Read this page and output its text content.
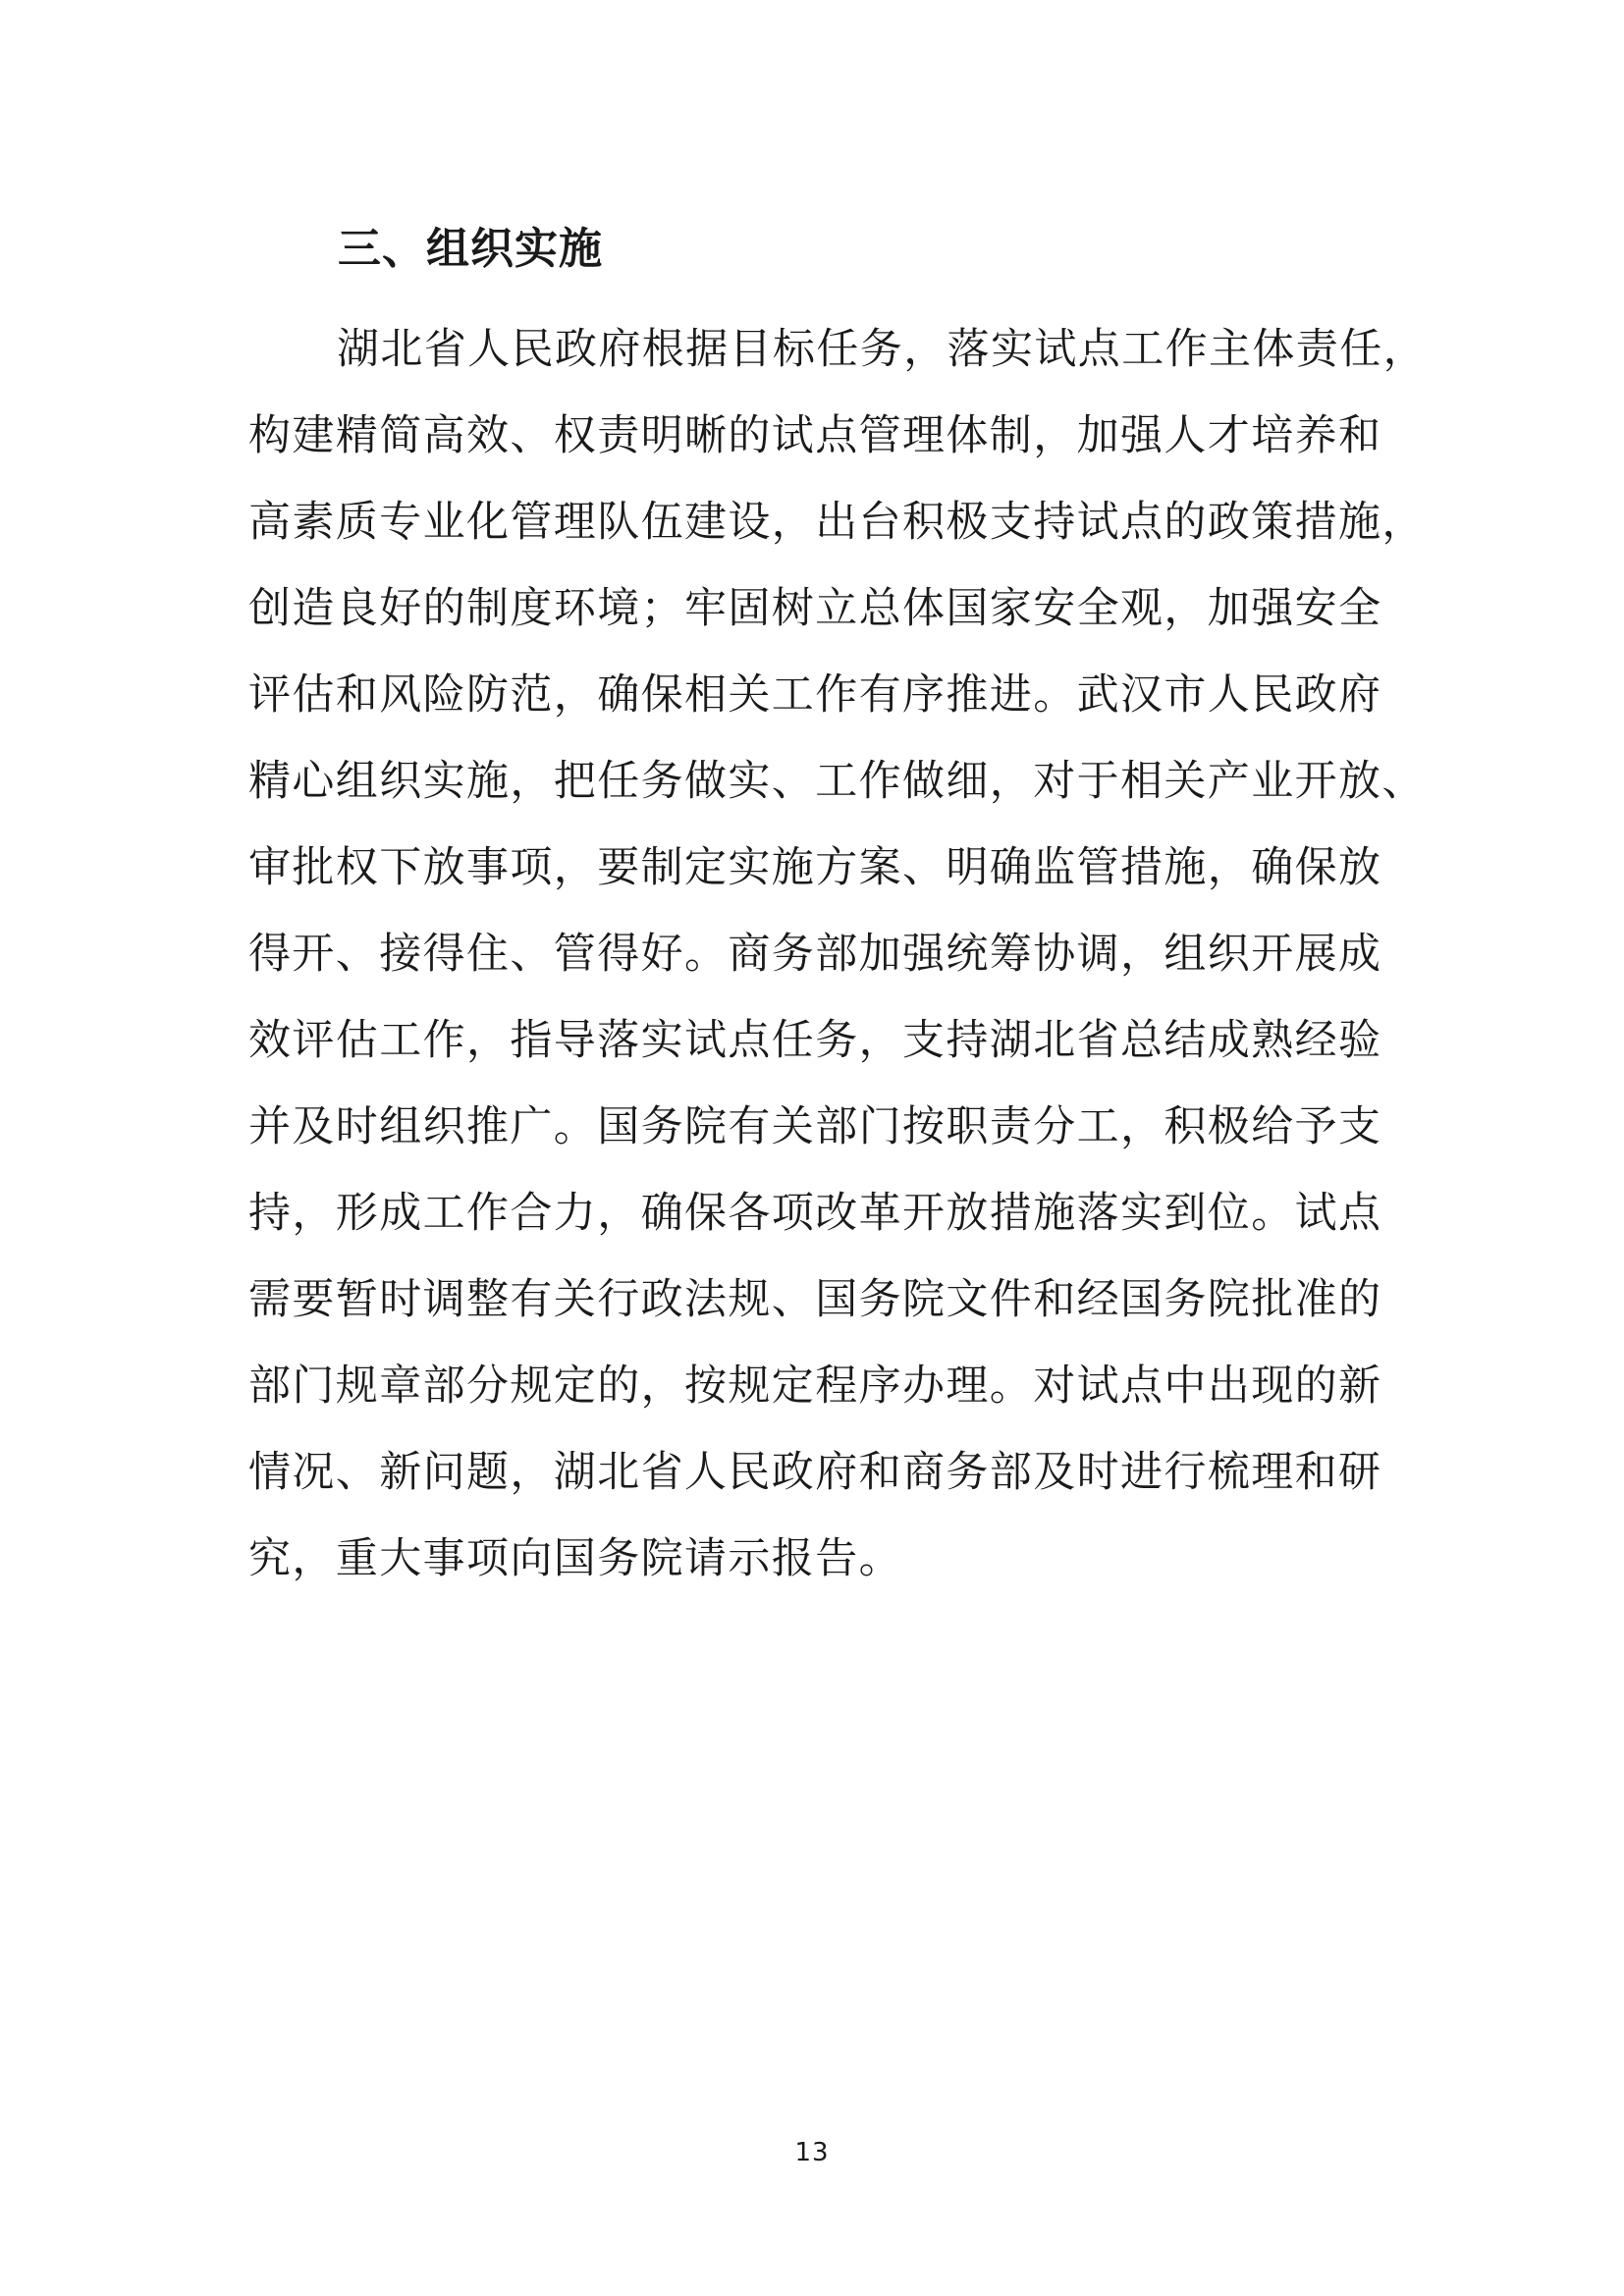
三、组织实施
湖北省人民政府根据目标任务，落实试点工作主体责任，
构建精简高效、权责明晰的试点管理体制，加强人才培养和
高素质专业化管理队伍建设，出台积极支持试点的政策措施，
创造良好的制度环境；牢固树立总体国家安全观，加强安全
评估和风险防范，确保相关工作有序推进。武汉市人民政府
精心组织实施，把任务做实、工作做细，对于相关产业开放、
审批权下放事项，要制定实施方案、明确监管措施，确保放
得开、接得住、管得好。商务部加强统筹协调，组织开展成
效评估工作，指导落实试点任务，支持湖北省总结成熟经验
并及时组织推广。国务院有关部门按职责分工，积极给予支
持，形成工作合力，确保各项改革开放措施落实到位。试点
需要暂时调整有关行政法规、国务院文件和经国务院批准的
部门规章部分规定的，按规定程序办理。对试点中出现的新
情况、新问题，湖北省人民政府和商务部及时进行梳理和研
究，重大事项向国务院请示报告。
13
